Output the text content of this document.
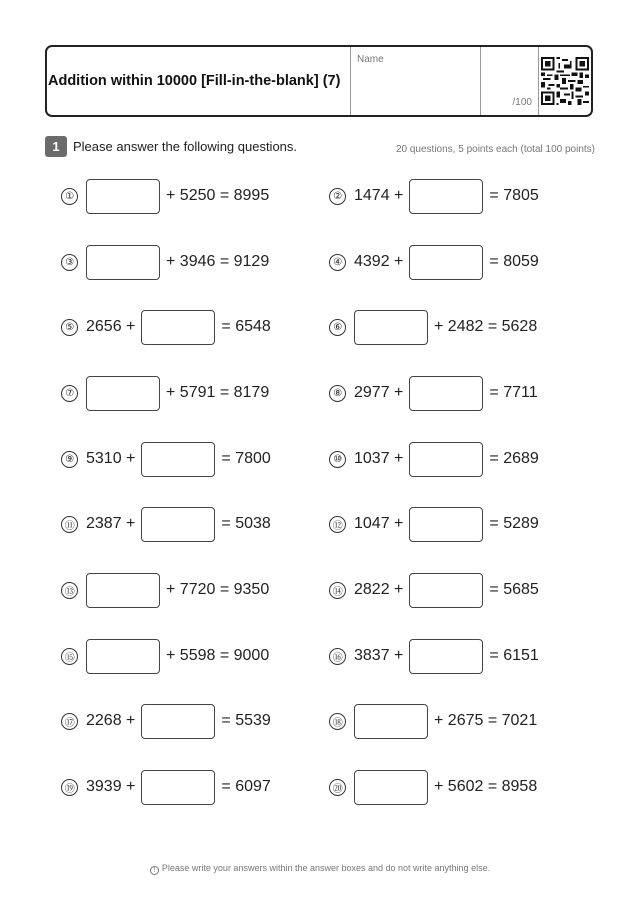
Addition within 10000 [Fill-in-the-blank] (7)
Name
/100
1	Please answer the following questions.	20 questions, 5 points each (total 100 points)
①	+ 5250 = 8995	② 1474 +	= 7805
③	+ 3946 = 9129	④ 4392 +	= 8059
⑤ 2656 +	= 6548	⑥	+ 2482 = 5628
⑦	+ 5791 = 8179	⑧ 2977 +	= 7711
⑨ 5310 +	= 7800	⑩ 1037 +	= 2689
⑪ 2387 +	= 5038	⑫ 1047 +	= 5289
⑬	+ 7720 = 9350	⑭ 2822 +	= 5685
⑮	+ 5598 = 9000	⑯ 3837 +	= 6151
⑰ 2268 +	= 5539	⑱	+ 2675 = 7021
⑲ 3939 +	= 6097	⑳	+ 5602 = 8958
! Please write your answers within the answer boxes and do not write anything else.
